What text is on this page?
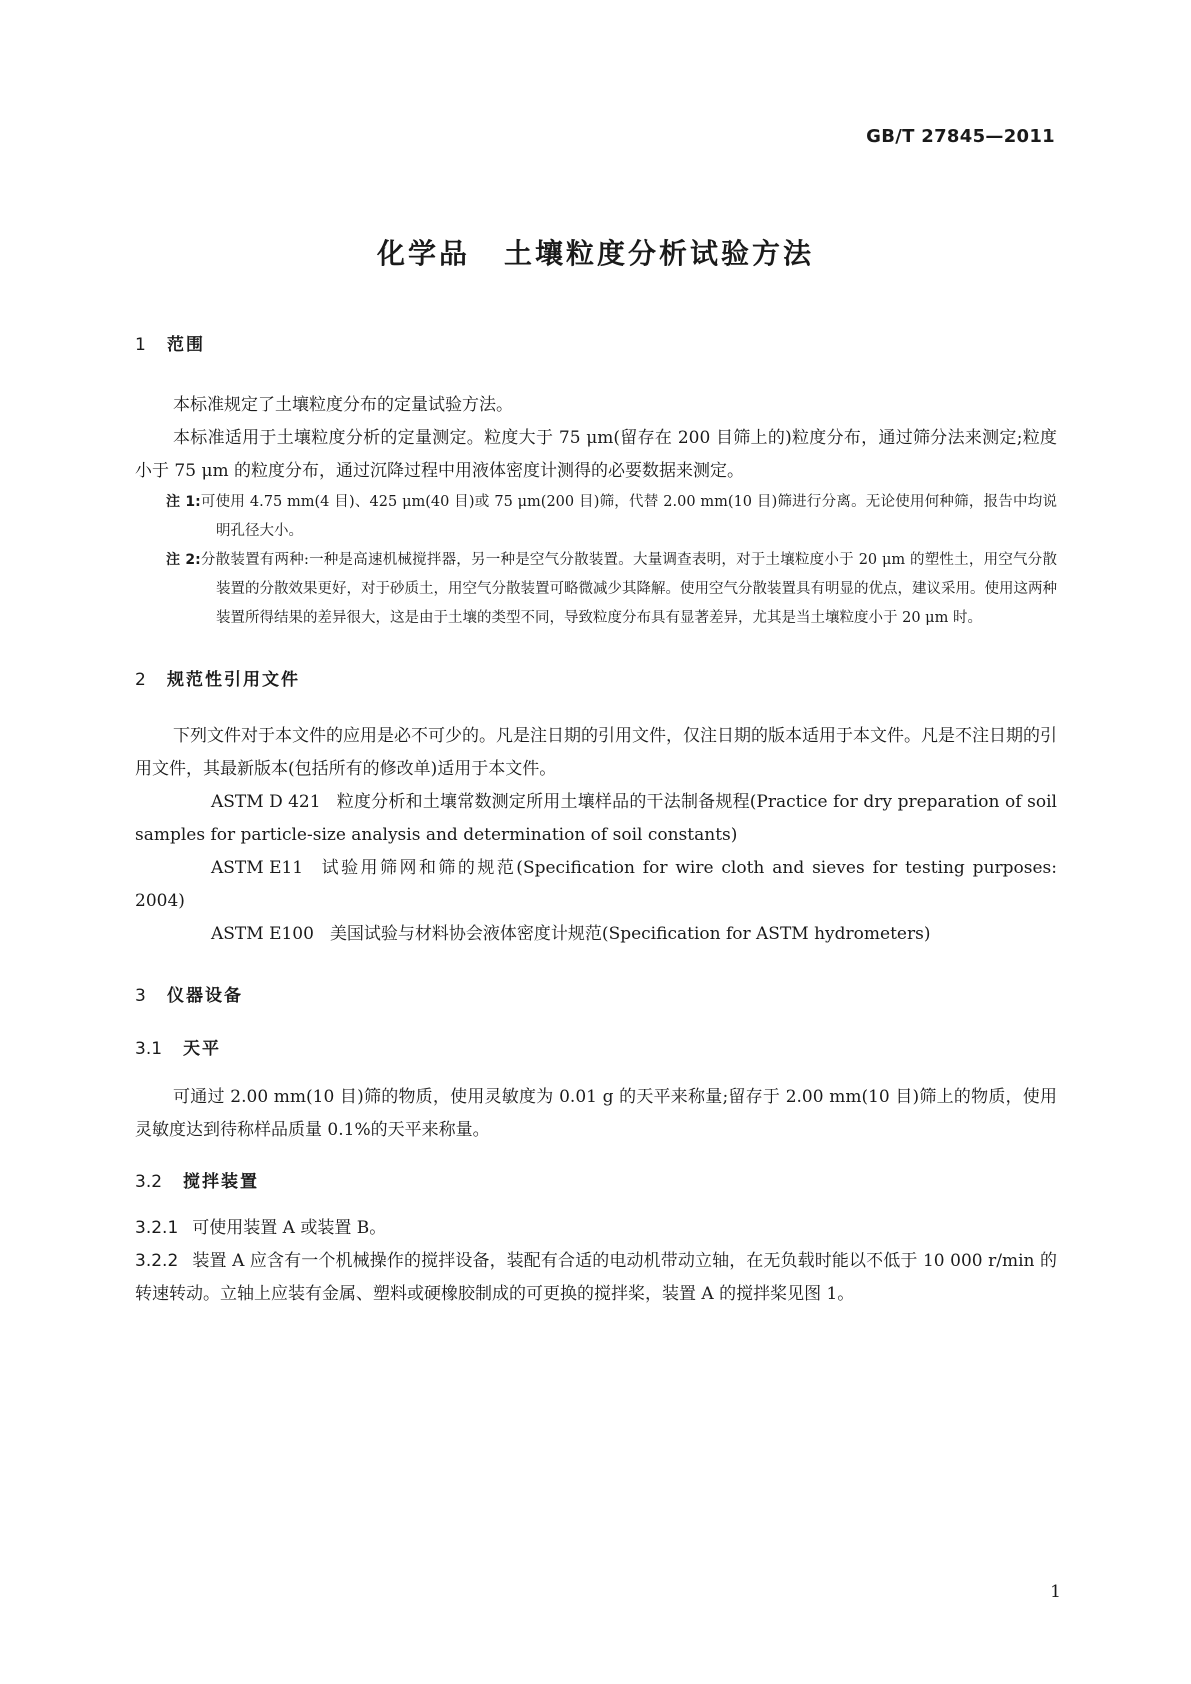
GB/T 27845—2011
化学品 土壤粒度分析试验方法
1 范围

本标准规定了土壤粒度分布的定量试验方法。

本标准适用于土壤粒度分析的定量测定。粒度大于 75 μm(留存在 200 目筛上的)粒度分布，通过筛分法来测定;粒度小于 75 μm 的粒度分布，通过沉降过程中用液体密度计测得的必要数据来测定。

注 1:可使用 4.75 mm(4 目)、425 μm(40 目)或 75 μm(200 目)筛，代替 2.00 mm(10 目)筛进行分离。无论使用何种筛，报告中均说明孔径大小。
注 2:分散装置有两种:一种是高速机械搅拌器，另一种是空气分散装置。大量调查表明，对于土壤粒度小于 20 μm 的塑性土，用空气分散装置的分散效果更好，对于砂质土，用空气分散装置可略微减少其降解。使用空气分散装置具有明显的优点，建议采用。使用这两种装置所得结果的差异很大，这是由于土壤的类型不同，导致粒度分布具有显著差异，尤其是当土壤粒度小于 20 μm 时。
2 规范性引用文件

下列文件对于本文件的应用是必不可少的。凡是注日期的引用文件，仅注日期的版本适用于本文件。凡是不注日期的引用文件，其最新版本(包括所有的修改单)适用于本文件。

ASTM D 421 粒度分析和土壤常数测定所用土壤样品的干法制备规程(Practice for dry preparation of soil samples for particle-size analysis and determination of soil constants)

ASTM E11 试验用筛网和筛的规范(Specification for wire cloth and sieves for testing purposes: 2004)

ASTM E100 美国试验与材料协会液体密度计规范(Specification for ASTM hydrometers)

3 仪器设备
3.1 天平

可通过 2.00 mm(10 目)筛的物质，使用灵敏度为 0.01 g 的天平来称量;留存于 2.00 mm(10 目)筛上的物质，使用灵敏度达到待称样品质量 0.1%的天平来称量。

3.2 搅拌装置

3.2.1 可使用装置 A 或装置 B。

3.2.2 装置 A 应含有一个机械操作的搅拌设备，装配有合适的电动机带动立轴，在无负载时能以不低于 10 000 r/min 的转速转动。立轴上应装有金属、塑料或硬橡胶制成的可更换的搅拌桨，装置 A 的搅拌桨见图 1。

1
